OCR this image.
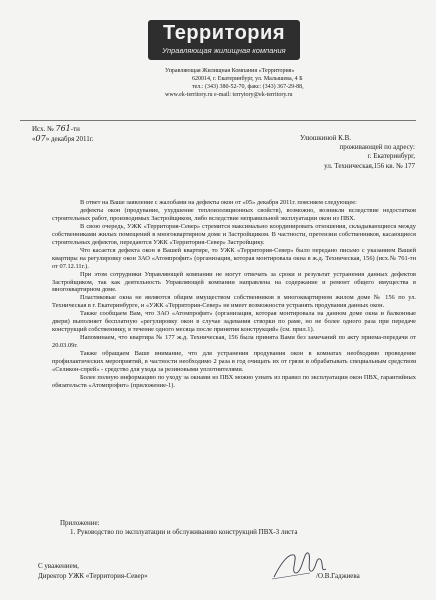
Территория
Управляющая жилищная компания
Управляющая Жилищная Компания «Территория»
620014, г. Екатеринбург, ул. Малышева, 4 Б
тел.: (343) 380-52-70, факс: (343) 367-29-88,
www.ek-territory.ru e-mail: terrytory@ek-territory.ru
Исх. № 761-тн
«07» декабря 2011г.	Улюшкиной К.В.
проживающей по адресу:
г. Екатеринбург,
ул. Техническая,156 кв. № 177

В ответ на Ваше заявление с жалобами на дефекты окон от «05» декабря 2011г. поясняем следующее:

дефекты окон (продувание, ухудшение теплоизоляционных свойств), возможно, возникли вследствие недостатков строительных работ, производимых Застройщиком, либо вследствие неправильной эксплуатации окон из ПВХ.

В свою очередь, УЖК «Территория-Север» стремится максимально координировать отношения, складывающиеся между собственниками жилых помещений в многоквартирном доме и Застройщиком. В частности, претензии собственников, касающиеся строительных дефектов, передаются УЖК «Территория-Север» Застройщику.

Что касается дефекта окон в Вашей квартире, то УЖК «Территория-Север» было передано письмо с указанием Вашей квартиры на регулировку окон ЗАО «Атомпрофит» (организация, которая монтировала окна в ж.д. Техническая, 156) (исх.№ 761-тн от 07.12.11г.).

При этом сотрудники Управляющей компании не могут отвечать за сроки и результат устранения данных дефектов Застройщиком, так как деятельность Управляющей компании направлена на содержание и ремонт общего имущества в многоквартирном доме.

Пластиковые окна не являются общим имуществом собственников в многоквартирном жилом доме № 156 по ул. Техническая в г. Екатеринбурге, и «УЖК «Территория-Север» не имеет возможности устранять продувания данных окон.

Также сообщаем Вам, что ЗАО «Атомпрофит» (организация, которая монтировала на данном доме окна и балконные двери) выполняет бесплатную «регулировку окон в случае задевания створки по раме, но не более одного раза при передаче конструкций собственнику, в течение одного месяца после принятия конструкций» (см. прил.1).

Напоминаем, что квартира № 177 ж.д. Техническая, 156 была принята Вами без замечаний по акту приема-передачи от 20.03.09г.

Также обращаем Ваше внимание, что для устранения продувания окон в комнатах необходимо проведение профилактических мероприятий, в частности необходимо 2 раза в год очищать их от грязи и обрабатывать специальным средством «Селикон-спрей» - средство для ухода за резиновыми уплотнителями.

Более полную информацию по уходу за окнами из ПВХ можно узнать из правил по эксплуатации окон ПВХ, гарантийных обязательств «Атомпрофит» (приложение-1).

Приложение:
1. Руководство по эксплуатации и обслуживанию конструкций ПВХ-3 листа
С уважением,
Директор УЖК «Территория-Север»	/О.В.Гаджиева
